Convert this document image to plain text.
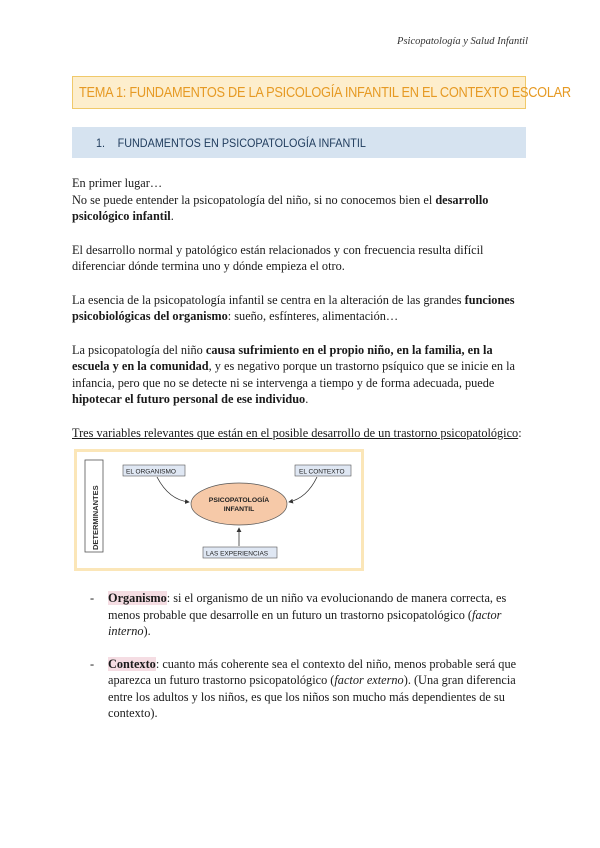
Psicopatología y Salud Infantil
TEMA 1: FUNDAMENTOS DE LA PSICOLOGÍA INFANTIL EN EL CONTEXTO ESCOLAR
1. FUNDAMENTOS EN PSICOPATOLOGÍA INFANTIL

En primer lugar…
No se puede entender la psicopatología del niño, si no conocemos bien el desarrollo psicológico infantil.

El desarrollo normal y patológico están relacionados y con frecuencia resulta difícil diferenciar dónde termina uno y dónde empieza el otro.

La esencia de la psicopatología infantil se centra en la alteración de las grandes funciones psicobiológicas del organismo: sueño, esfínteres, alimentación…

La psicopatología del niño causa sufrimiento en el propio niño, en la familia, en la escuela y en la comunidad, y es negativo porque un trastorno psíquico que se inicie en la infancia, pero que no se detecte ni se intervenga a tiempo y de forma adecuada, puede hipotecar el futuro personal de ese individuo.

Tres variables relevantes que están en el posible desarrollo de un trastorno psicopatológico:

DETERMINANTES
EL ORGANISMO	EL CONTEXTO
PSICOPATOLOGÍA
INFANTIL
LAS EXPERIENCIAS
-	Organismo: si el organismo de un niño va evolucionando de manera correcta, es menos probable que desarrolle en un futuro un trastorno psicopatológico (factor interno).
-	Contexto: cuanto más coherente sea el contexto del niño, menos probable será que aparezca un futuro trastorno psicopatológico (factor externo). (Una gran diferencia entre los adultos y los niños, es que los niños son mucho más dependientes de su contexto).
